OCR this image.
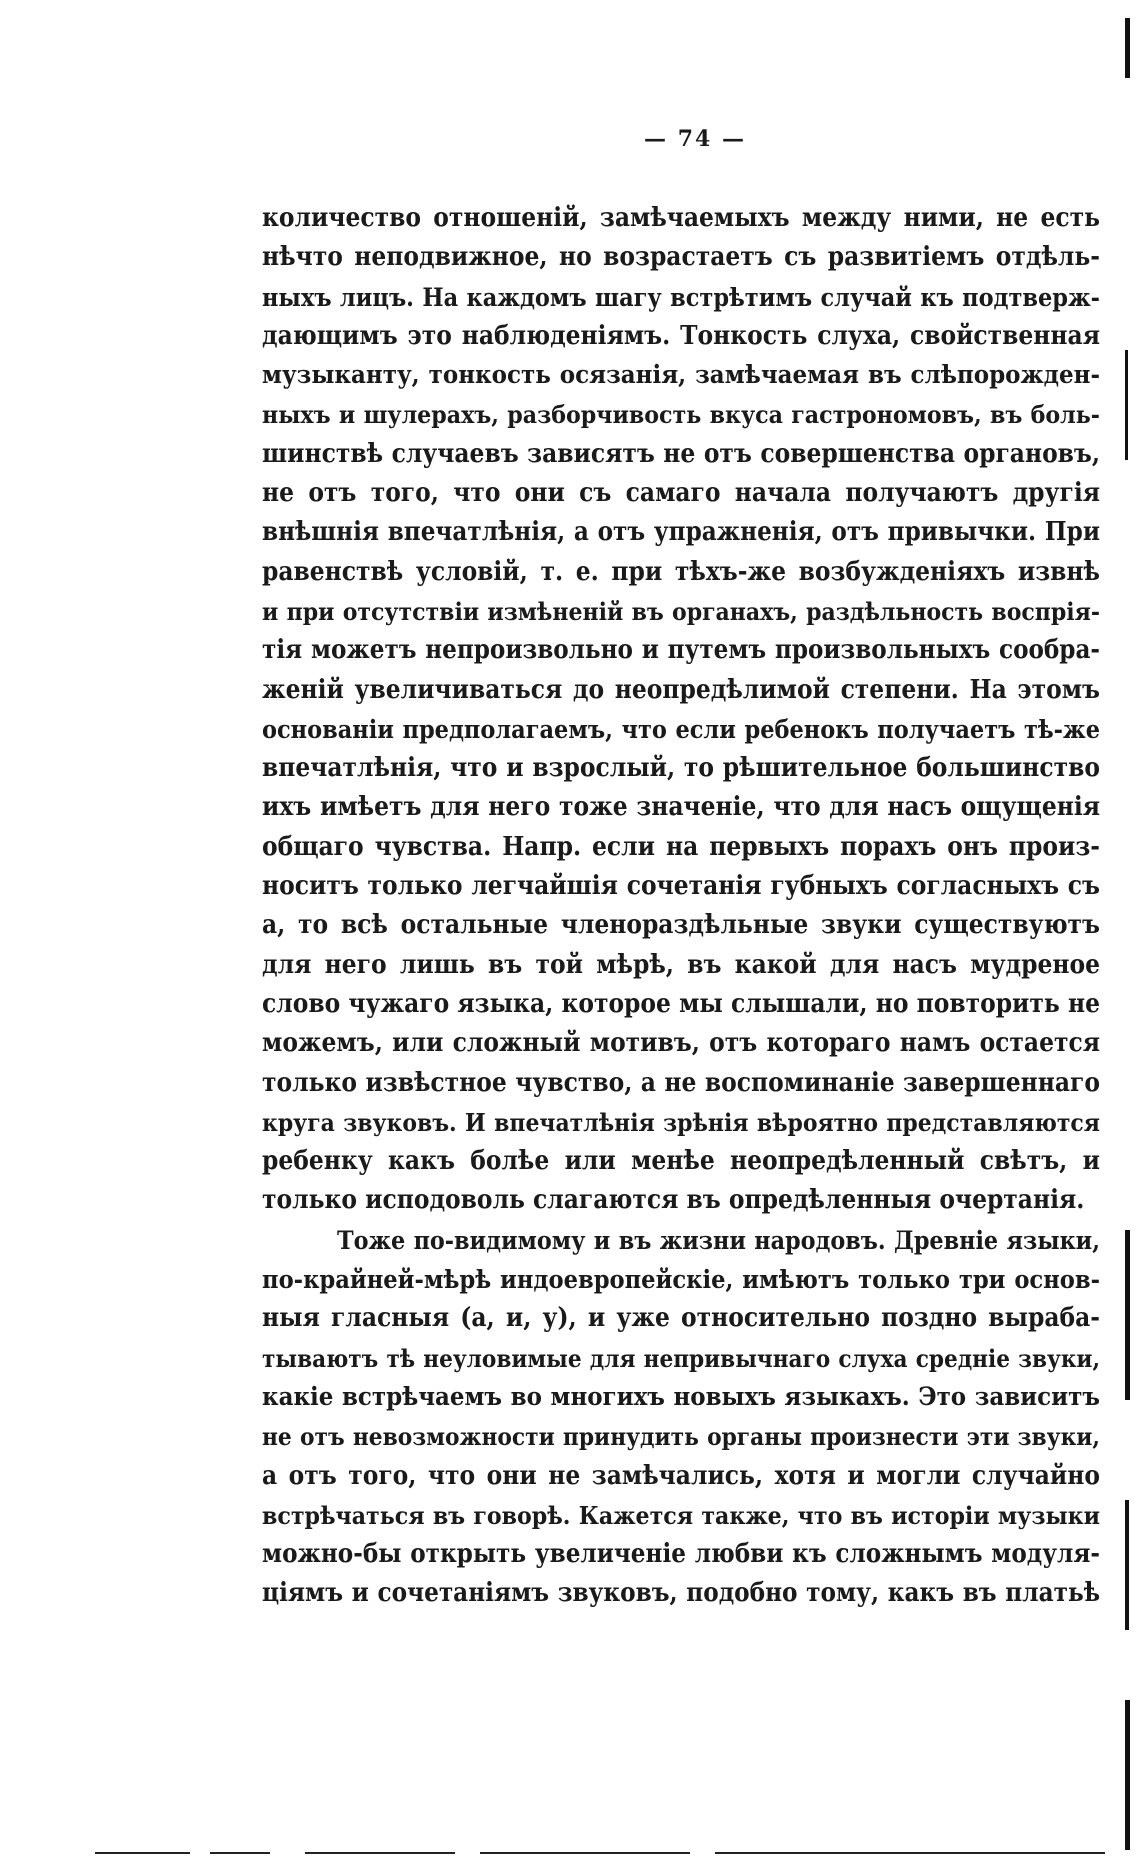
— 74 —
количество отношеній, замѣчаемыхъ между ними, не есть
нѣчто неподвижное, но возрастаетъ съ развитіемъ отдѣль-
ныхъ лицъ. На каждомъ шагу встрѣтимъ случай къ подтверж-
дающимъ это наблюденіямъ. Тонкость слуха, свойственная
музыканту, тонкость осязанія, замѣчаемая въ слѣпорожден-
ныхъ и шулерахъ, разборчивость вкуса гастрономовъ, въ боль-
шинствѣ случаевъ зависятъ не отъ совершенства органовъ,
не отъ того, что они съ самаго начала получаютъ другія
внѣшнія впечатлѣнія, а отъ упражненія, отъ привычки. При
равенствѣ условій, т. е. при тѣхъ-же возбужденіяхъ извнѣ
и при отсутствіи измѣненій въ органахъ, раздѣльность воспрія-
тія можетъ непроизвольно и путемъ произвольныхъ сообра-
женій увеличиваться до неопредѣлимой степени. На этомъ
основаніи предполагаемъ, что если ребенокъ получаетъ тѣ-же
впечатлѣнія, что и взрослый, то рѣшительное большинство
ихъ имѣетъ для него тоже значеніе, что для насъ ощущенія
общаго чувства. Напр. если на первыхъ порахъ онъ произ-
носитъ только легчайшія сочетанія губныхъ согласныхъ съ
а, то всѣ остальные членораздѣльные звуки существуютъ
для него лишь въ той мѣрѣ, въ какой для насъ мудреное
слово чужаго языка, которое мы слышали, но повторить не
можемъ, или сложный мотивъ, отъ котораго намъ остается
только извѣстное чувство, а не воспоминаніе завершеннаго
круга звуковъ. И впечатлѣнія зрѣнія вѣроятно представляются
ребенку какъ болѣе или менѣе неопредѣленный свѣтъ, и
только исподоволь слагаются въ опредѣленныя очертанія.
Тоже по-видимому и въ жизни народовъ. Древніе языки,
по-крайней-мѣрѣ индоевропейскіе, имѣютъ только три основ-
ныя гласныя (а, и, у), и уже относительно поздно выраба-
тываютъ тѣ неуловимые для непривычнаго слуха средніе звуки,
какіе встрѣчаемъ во многихъ новыхъ языкахъ. Это зависитъ
не отъ невозможности принудить органы произнести эти звуки,
а отъ того, что они не замѣчались, хотя и могли случайно
встрѣчаться въ говорѣ. Кажется также, что въ исторіи музыки
можно-бы открыть увеличеніе любви къ сложнымъ модуля-
ціямъ и сочетаніямъ звуковъ, подобно тому, какъ въ платьѣ
